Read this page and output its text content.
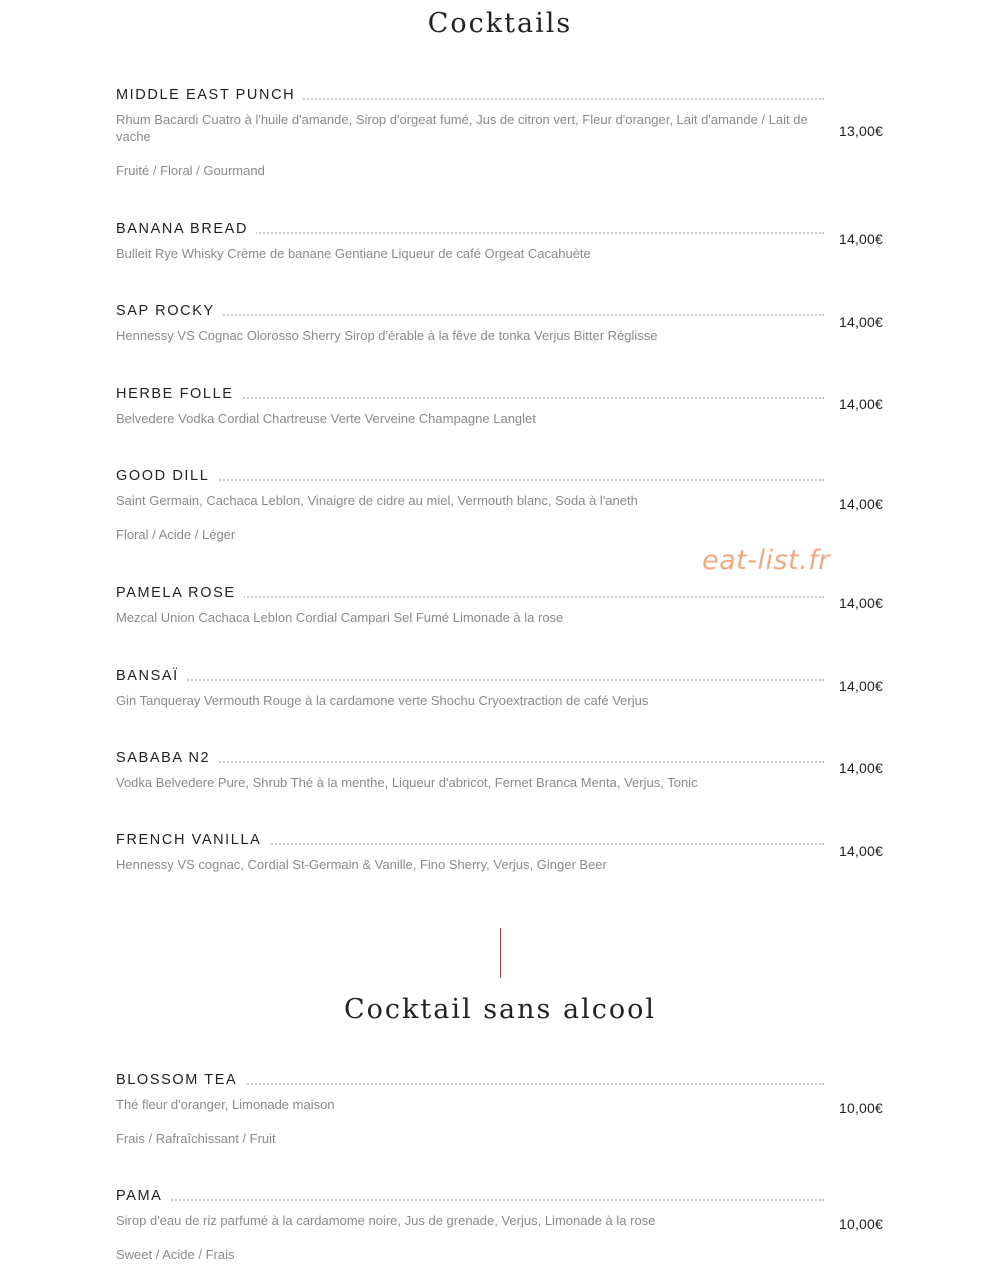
Cocktails
MIDDLE EAST PUNCH
Rhum Bacardi Cuatro à l'huile d'amande, Sirop d'orgeat fumé, Jus de citron vert, Fleur d'oranger, Lait d'amande / Lait de vache
Fruité / Floral / Gourmand
13,00€
BANANA BREAD
Bulleit Rye Whisky Crème de banane Gentiane Liqueur de café Orgeat Cacahuète
14,00€
SAP ROCKY
Hennessy VS Cognac Olorosso Sherry Sirop d'érable à la fêve de tonka Verjus Bitter Réglisse
14,00€
HERBE FOLLE
Belvedere Vodka Cordial Chartreuse Verte Verveine Champagne Langlet
14,00€
GOOD DILL
Saint Germain, Cachaca Leblon, Vinaigre de cidre au miel, Vermouth blanc, Soda à l'aneth
Floral / Acide / Léger
14,00€
PAMELA ROSE
Mezcal Union Cachaca Leblon Cordial Campari Sel Fumé Limonade à la rose
14,00€
BANSAÏ
Gin Tanqueray Vermouth Rouge à la cardamone verte Shochu Cryoextraction de café Verjus
14,00€
SABABA N2
Vodka Belvedere Pure, Shrub Thé à la menthe, Liqueur d'abricot, Fernet Branca Menta, Verjus, Tonic
14,00€
FRENCH VANILLA
Hennessy VS cognac, Cordial St-Germain & Vanille, Fino Sherry, Verjus, Ginger Beer
14,00€
Cocktail sans alcool
BLOSSOM TEA
Thé fleur d'oranger, Limonade maison
Frais / Rafraîchissant / Fruit
10,00€
PAMA
Sirop d'eau de riz parfumé à la cardamome noire, Jus de grenade, Verjus, Limonade à la rose
Sweet / Acide / Frais
10,00€
eat-list.fr
